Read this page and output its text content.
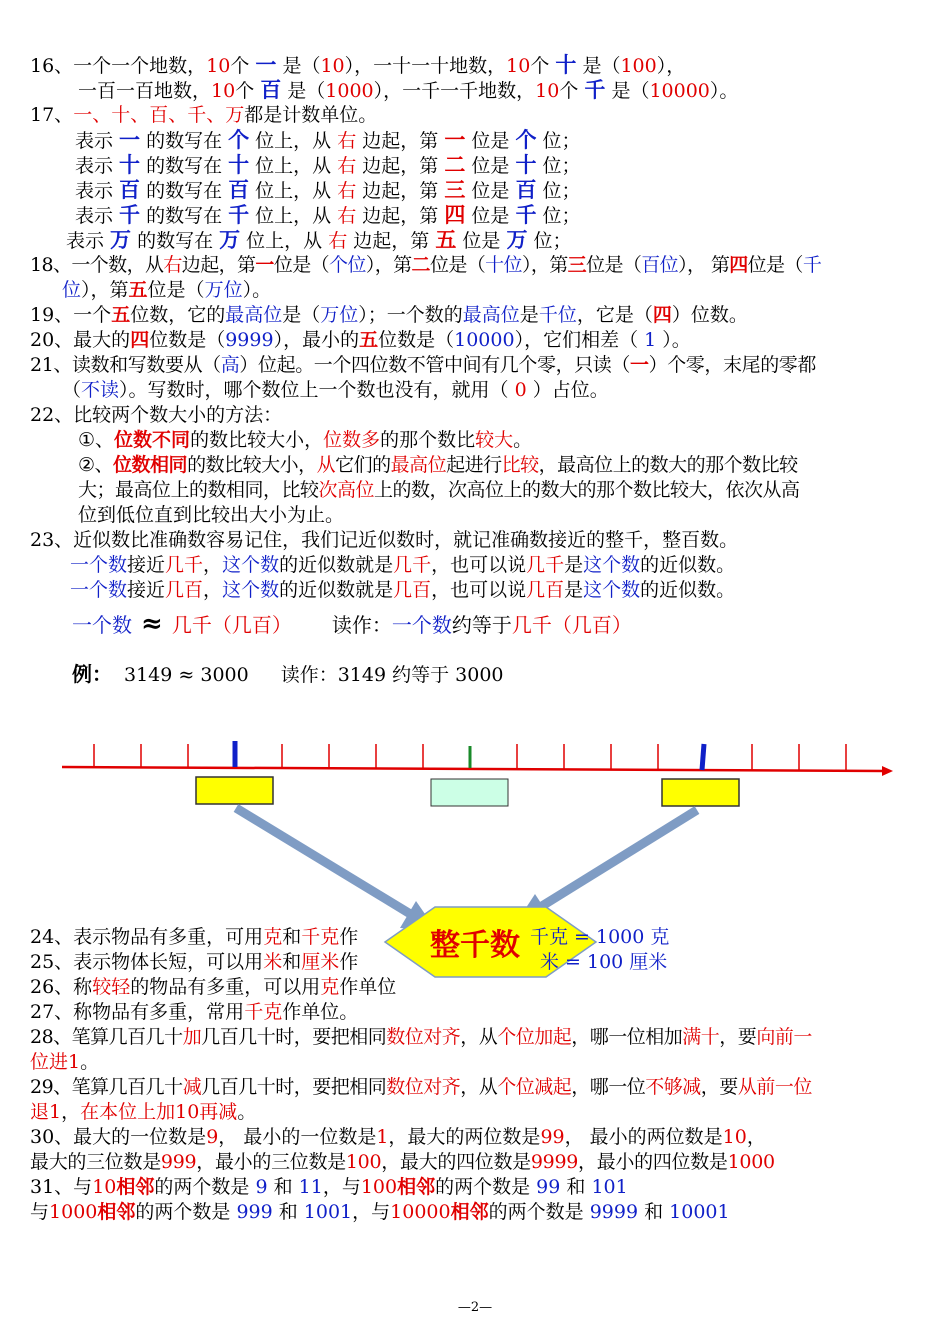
16、一个一个地数，10个 一 是（10），一十一十地数，10个 十 是（100），
一百一百地数，10个 百 是（1000），一千一千地数，10个 千 是（10000）。
17、一、十、百、千、万都是计数单位。
表示 一 的数写在 个 位上，从 右 边起，第 一 位是 个 位；
表示 十 的数写在 十 位上，从 右 边起，第 二 位是 十 位；
表示 百 的数写在 百 位上，从 右 边起，第 三 位是 百 位；
表示 千 的数写在 千 位上，从 右 边起，第 四 位是 千 位；
表示 万 的数写在 万 位上，从 右 边起，第 五 位是 万 位；
18、一个数，从右边起，第一位是（个位），第二位是（十位），第三位是（百位）， 第四位是（千
位），第五位是（万位）。
19、一个五位数，它的最高位是（万位）；一个数的最高位是千位，它是（四）位数。
20、最大的四位数是（9999），最小的五位数是（10000），它们相差（ 1 ）。
21、读数和写数要从（高）位起。一个四位数不管中间有几个零，只读（一）个零，末尾的零都
（不读）。写数时，哪个数位上一个数也没有，就用（ 0 ）占位。
22、比较两个数大小的方法：
①、位数不同的数比较大小，位数多的那个数比较大。
②、位数相同的数比较大小，从它们的最高位起进行比较，最高位上的数大的那个数比较
大；最高位上的数相同，比较次高位上的数，次高位上的数大的那个数比较大，依次从高
位到低位直到比较出大小为止。
23、近似数比准确数容易记住，我们记近似数时，就记准确数接近的整千，整百数。
一个数接近几千，这个数的近似数就是几千，也可以说几千是这个数的近似数。
一个数接近几百，这个数的近似数就是几百，也可以说几百是这个数的近似数。
一个数 ≈ 几千（几百） 读作：一个数约等于几千（几百）
例： 3149 ≈ 3000 读作：3149 约等于 3000
整千数
24、表示物品有多重，可用克和千克作	千克 = 1000 克
25、表示物体长短，可以用米和厘米作	米 = 100 厘米
26、称较轻的物品有多重，可以用克作单位
27、称物品有多重，常用千克作单位。
28、笔算几百几十加几百几十时，要把相同数位对齐，从个位加起，哪一位相加满十，要向前一
位进1。
29、笔算几百几十减几百几十时，要把相同数位对齐，从个位减起，哪一位不够减，要从前一位
退1，在本位上加10再减。
30、最大的一位数是9， 最小的一位数是1，最大的两位数是99， 最小的两位数是10，
最大的三位数是999，最小的三位数是100，最大的四位数是9999，最小的四位数是1000
31、与10相邻的两个数是 9 和 11，与100相邻的两个数是 99 和 101
与1000相邻的两个数是 999 和 1001，与10000相邻的两个数是 9999 和 10001
—2—
